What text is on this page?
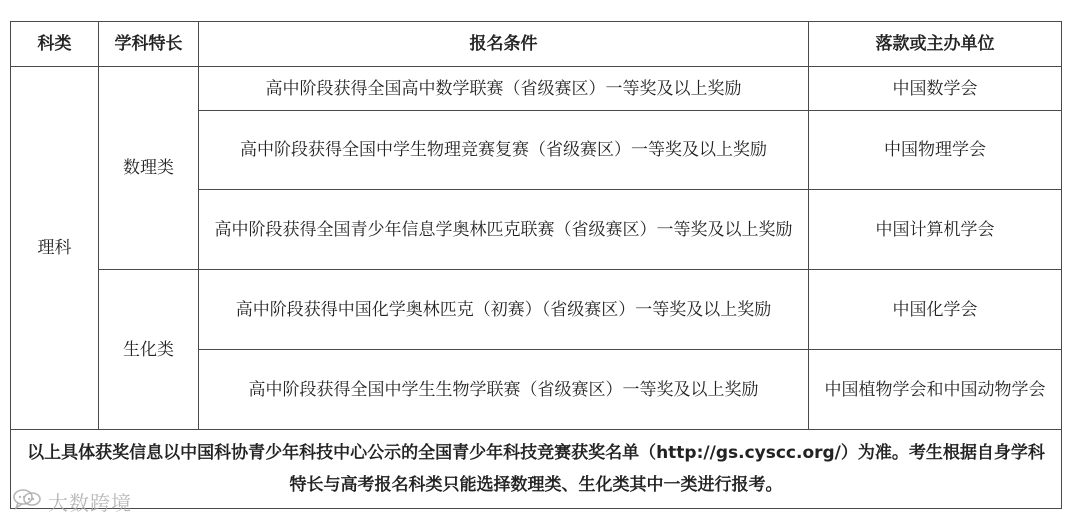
科类	学科特长	报名条件	落款或主办单位
理科	数理类	高中阶段获得全国高中数学联赛（省级赛区）一等奖及以上奖励	中国数学会
		高中阶段获得全国中学生物理竞赛复赛（省级赛区）一等奖及以上奖励	中国物理学会
		高中阶段获得全国青少年信息学奥林匹克联赛（省级赛区）一等奖及以上奖励	中国计算机学会
	生化类	高中阶段获得中国化学奥林匹克（初赛）（省级赛区）一等奖及以上奖励	中国化学会
		高中阶段获得全国中学生生物学联赛（省级赛区）一等奖及以上奖励	中国植物学会和中国动物学会
以上具体获奖信息以中国科协青少年科技中心公示的全国青少年科技竞赛获奖名单（http://gs.cyscc.org/）为准。考生根据自身学科特长与高考报名科类只能选择数理类、生化类其中一类进行报考。			
大数跨境
